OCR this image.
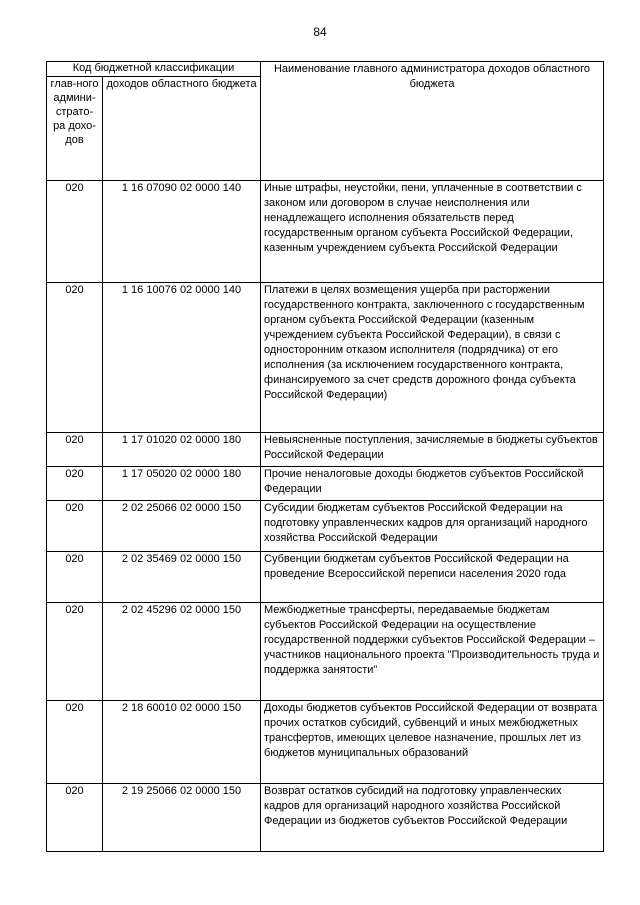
84
Код бюджетной классификации		Наименование главного администратора доходов областного бюджета
глав-ного админи-страто-ра дохо-дов	доходов областного бюджета	
020	1 16 07090 02 0000 140	Иные штрафы, неустойки, пени, уплаченные в соответствии с законом или договором в случае неисполнения или ненадлежащего исполнения обязательств перед государственным органом субъекта Российской Федерации, казенным учреждением субъекта Российской Федерации
020	1 16 10076 02 0000 140	Платежи в целях возмещения ущерба при расторжении государственного контракта, заключенного с государственным органом субъекта Российской Федерации (казенным учреждением субъекта Российской Федерации), в связи с односторонним отказом исполнителя (подрядчика) от его исполнения (за исключением государственного контракта, финансируемого за счет средств дорожного фонда субъекта Российской Федерации)
020	1 17 01020 02 0000 180	Невыясненные поступления, зачисляемые в бюджеты субъектов Российской Федерации
020	1 17 05020 02 0000 180	Прочие неналоговые доходы бюджетов субъектов Российской Федерации
020	2 02 25066 02 0000 150	Субсидии бюджетам субъектов Российской Федерации на подготовку управленческих кадров для организаций народного хозяйства Российской Федерации
020	2 02 35469 02 0000 150	Субвенции бюджетам субъектов Российской Федерации на проведение Всероссийской переписи населения 2020 года
020	2 02 45296 02 0000 150	Межбюджетные трансферты, передаваемые бюджетам субъектов Российской Федерации на осуществление государственной поддержки субъектов Российской Федерации – участников национального проекта "Производительность труда и поддержка занятости"
020	2 18 60010 02 0000 150	Доходы бюджетов субъектов Российской Федерации от возврата прочих остатков субсидий, субвенций и иных межбюджетных трансфертов, имеющих целевое назначение, прошлых лет из бюджетов муниципальных образований
020	2 19 25066 02 0000 150	Возврат остатков субсидий на подготовку управленческих кадров для организаций народного хозяйства Российской Федерации из бюджетов субъектов Российской Федерации
